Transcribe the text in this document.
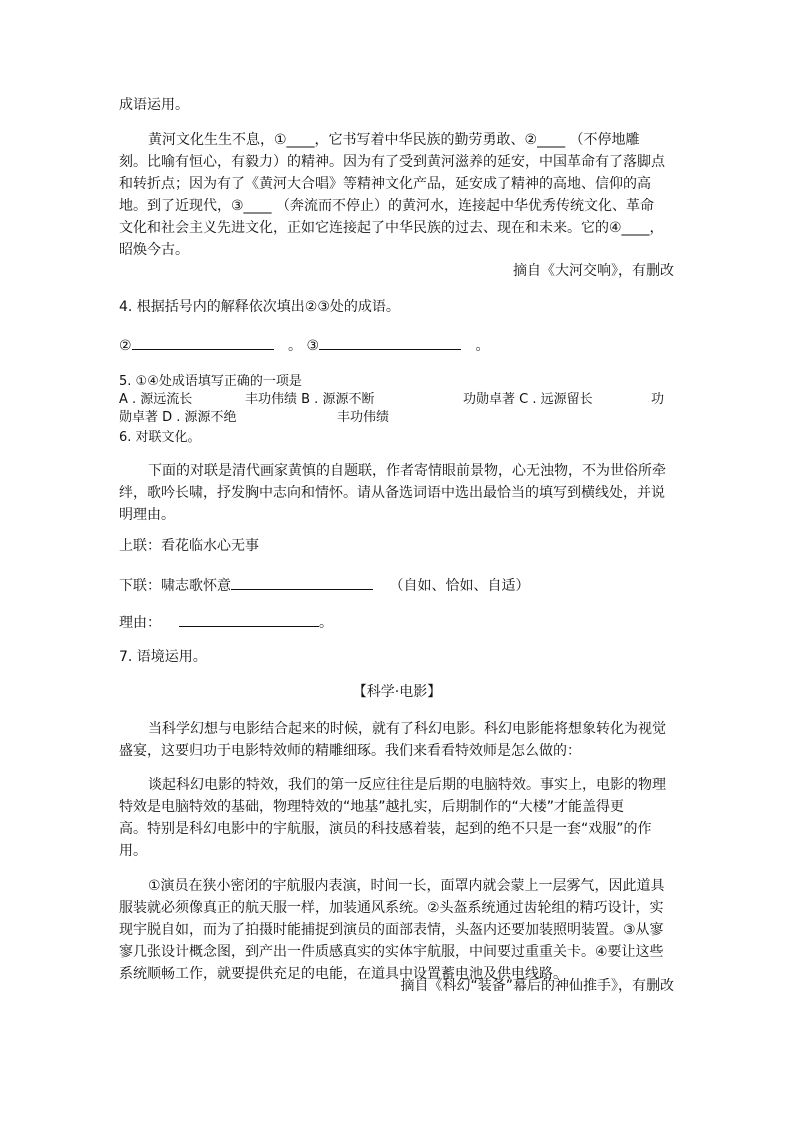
成语运用。
黄河文化生生不息，①____，它书写着中华民族的勤劳勇敢、②____ （不停地雕
刻。比喻有恒心，有毅力）的精神。因为有了受到黄河滋养的延安，中国革命有了落脚点
和转折点；因为有了《黄河大合唱》等精神文化产品，延安成了精神的高地、信仰的高
地。到了近现代，③____ （奔流而不停止）的黄河水，连接起中华优秀传统文化、革命
文化和社会主义先进文化，正如它连接起了中华民族的过去、现在和未来。它的④____，
昭焕今古。
摘自《大河交响》，有删改
4. 根据括号内的解释依次填出②③处的成语。
②	。 ③	。
5. ①④处成语填写正确的一项是
A . 源远流长	丰功伟绩 B . 源源不断	功勋卓著 C . 远源留长	功
勋卓著 D . 源源不绝	丰功伟绩
6. 对联文化。
下面的对联是清代画家黄慎的自题联，作者寄情眼前景物，心无浊物，不为世俗所牵
绊，歌吟长啸，抒发胸中志向和情怀。请从备选词语中选出最恰当的填写到横线处，并说
明理由。
上联：看花临水心无事
下联：啸志歌怀意	（自如、恰如、自适）
理由：	。
7. 语境运用。
【科学·电影】
当科学幻想与电影结合起来的时候，就有了科幻电影。科幻电影能将想象转化为视觉
盛宴，这要归功于电影特效师的精雕细琢。我们来看看特效师是怎么做的：
谈起科幻电影的特效，我们的第一反应往往是后期的电脑特效。事实上，电影的物理
特效是电脑特效的基础，物理特效的“地基”越扎实，后期制作的“大楼”才能盖得更
高。特别是科幻电影中的宇航服，演员的科技感着装，起到的绝不只是一套“戏服”的作
用。
①演员在狭小密闭的宇航服内表演，时间一长，面罩内就会蒙上一层雾气，因此道具
服装就必须像真正的航天服一样，加装通风系统。②头盔系统通过齿轮组的精巧设计，实
现宇脱自如，而为了拍摄时能捕捉到演员的面部表情，头盔内还要加装照明装置。③从寥
寥几张设计概念图，到产出一件质感真实的实体宇航服，中间要过重重关卡。④要让这些
系统顺畅工作，就要提供充足的电能，在道具中设置蓄电池及供电线路。
摘自《科幻“装备”幕后的神仙推手》，有删改
